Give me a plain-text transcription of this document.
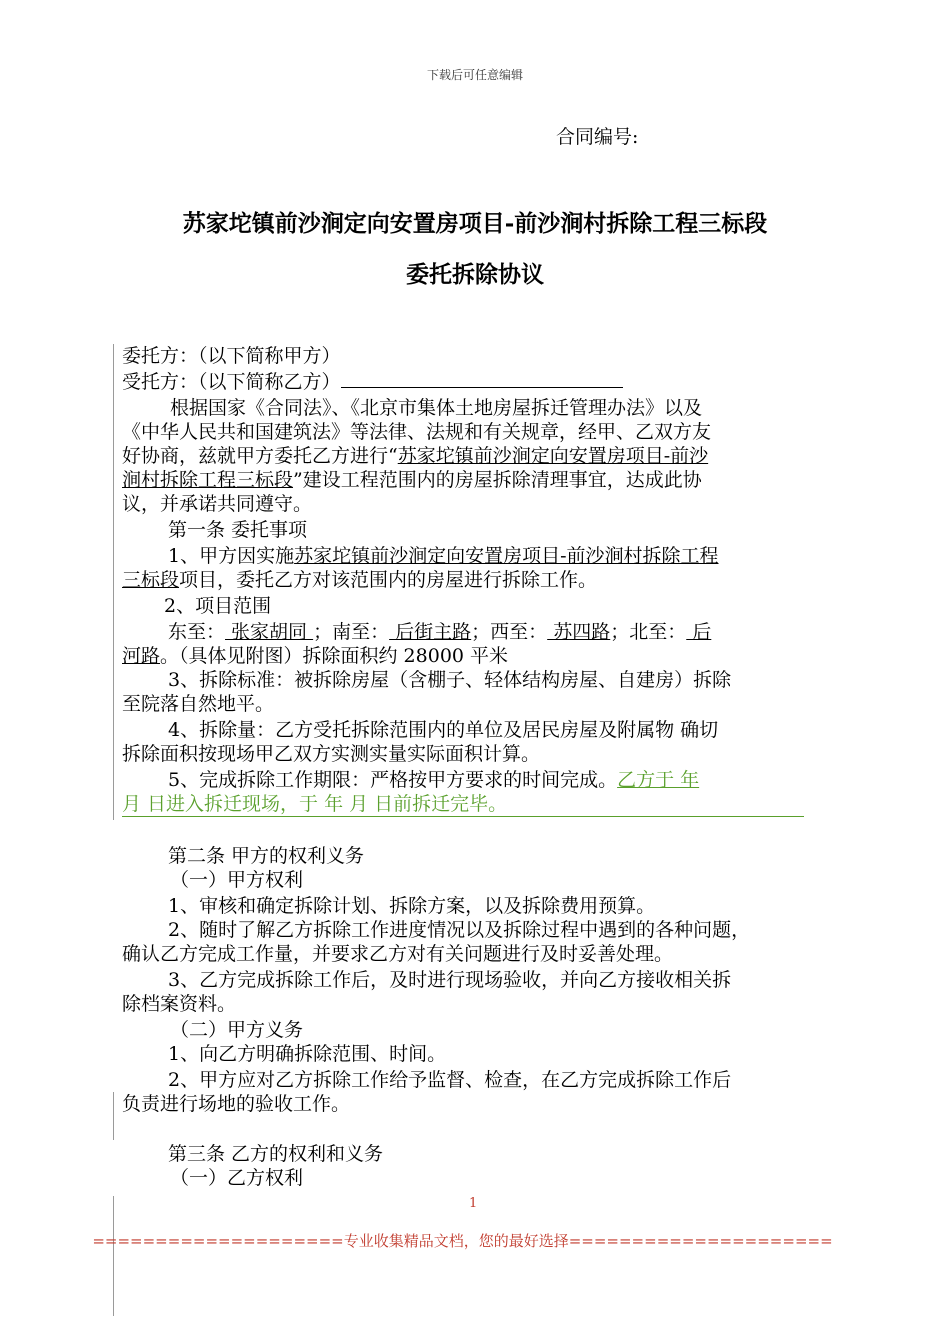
下载后可任意编辑
合同编号:
苏家坨镇前沙涧定向安置房项目-前沙涧村拆除工程三标段
委托拆除协议
委托方：（以下简称甲方）
受托方：（以下简称乙方）
根据国家《合同法》、《北京市集体土地房屋拆迁管理办法》以及
《中华人民共和国建筑法》等法律、法规和有关规章，经甲、乙双方友
好协商，兹就甲方委托乙方进行“苏家坨镇前沙涧定向安置房项目-前沙
涧村拆除工程三标段”建设工程范围内的房屋拆除清理事宜，达成此协
议，并承诺共同遵守。
第一条 委托事项
1、甲方因实施苏家坨镇前沙涧定向安置房项目-前沙涧村拆除工程
三标段项目，委托乙方对该范围内的房屋进行拆除工作。
2、项目范围
东至： 张家胡同 ；南至： 后街主路；西至： 苏四路；北至： 后
河路。（具体见附图）拆除面积约 28000 平米
3、拆除标准：被拆除房屋（含棚子、轻体结构房屋、自建房）拆除
至院落自然地平。
4、拆除量：乙方受托拆除范围内的单位及居民房屋及附属物 确切
拆除面积按现场甲乙双方实测实量实际面积计算。
5、完成拆除工作期限：严格按甲方要求的时间完成。乙方于 年
月 日进入拆迁现场，于 年 月 日前拆迁完毕。
第二条 甲方的权利义务
（一）甲方权利
1、审核和确定拆除计划、拆除方案，以及拆除费用预算。
2、随时了解乙方拆除工作进度情况以及拆除过程中遇到的各种问题，
确认乙方完成工作量，并要求乙方对有关问题进行及时妥善处理。
3、乙方完成拆除工作后，及时进行现场验收，并向乙方接收相关拆
除档案资料。
（二）甲方义务
1、向乙方明确拆除范围、时间。
2、甲方应对乙方拆除工作给予监督、检查，在乙方完成拆除工作后
负责进行场地的验收工作。
第三条 乙方的权利和义务
（一）乙方权利
1
====================专业收集精品文档，您的最好选择=====================
